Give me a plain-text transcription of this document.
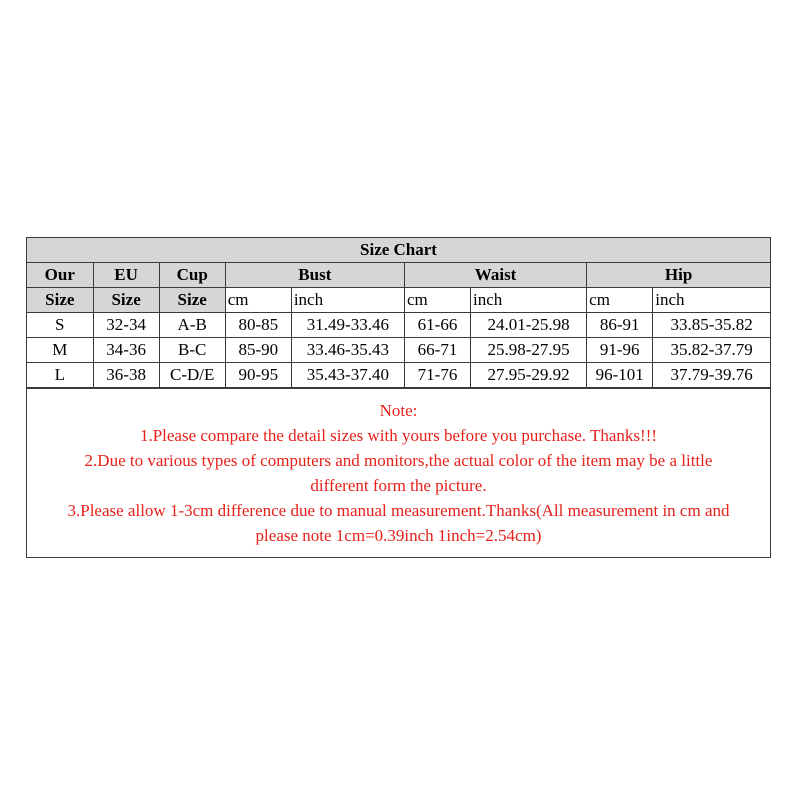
Size Chart								
Our	EU	Cup	Bust		Waist		Hip	
Size	Size	Size	cm	inch	cm	inch	cm	inch
S	32-34	A-B	80-85	31.49-33.46	61-66	24.01-25.98	86-91	33.85-35.82
M	34-36	B-C	85-90	33.46-35.43	66-71	25.98-27.95	91-96	35.82-37.79
L	36-38	C-D/E	90-95	35.43-37.40	71-76	27.95-29.92	96-101	37.79-39.76
Note:
1.Please compare the detail sizes with yours before you purchase. Thanks!!!
2.Due to various types of computers and monitors,the actual color of the item may be a little
different form the picture.
3.Please allow 1-3cm difference due to manual measurement.Thanks(All measurement in cm and
please note 1cm=0.39inch 1inch=2.54cm)
